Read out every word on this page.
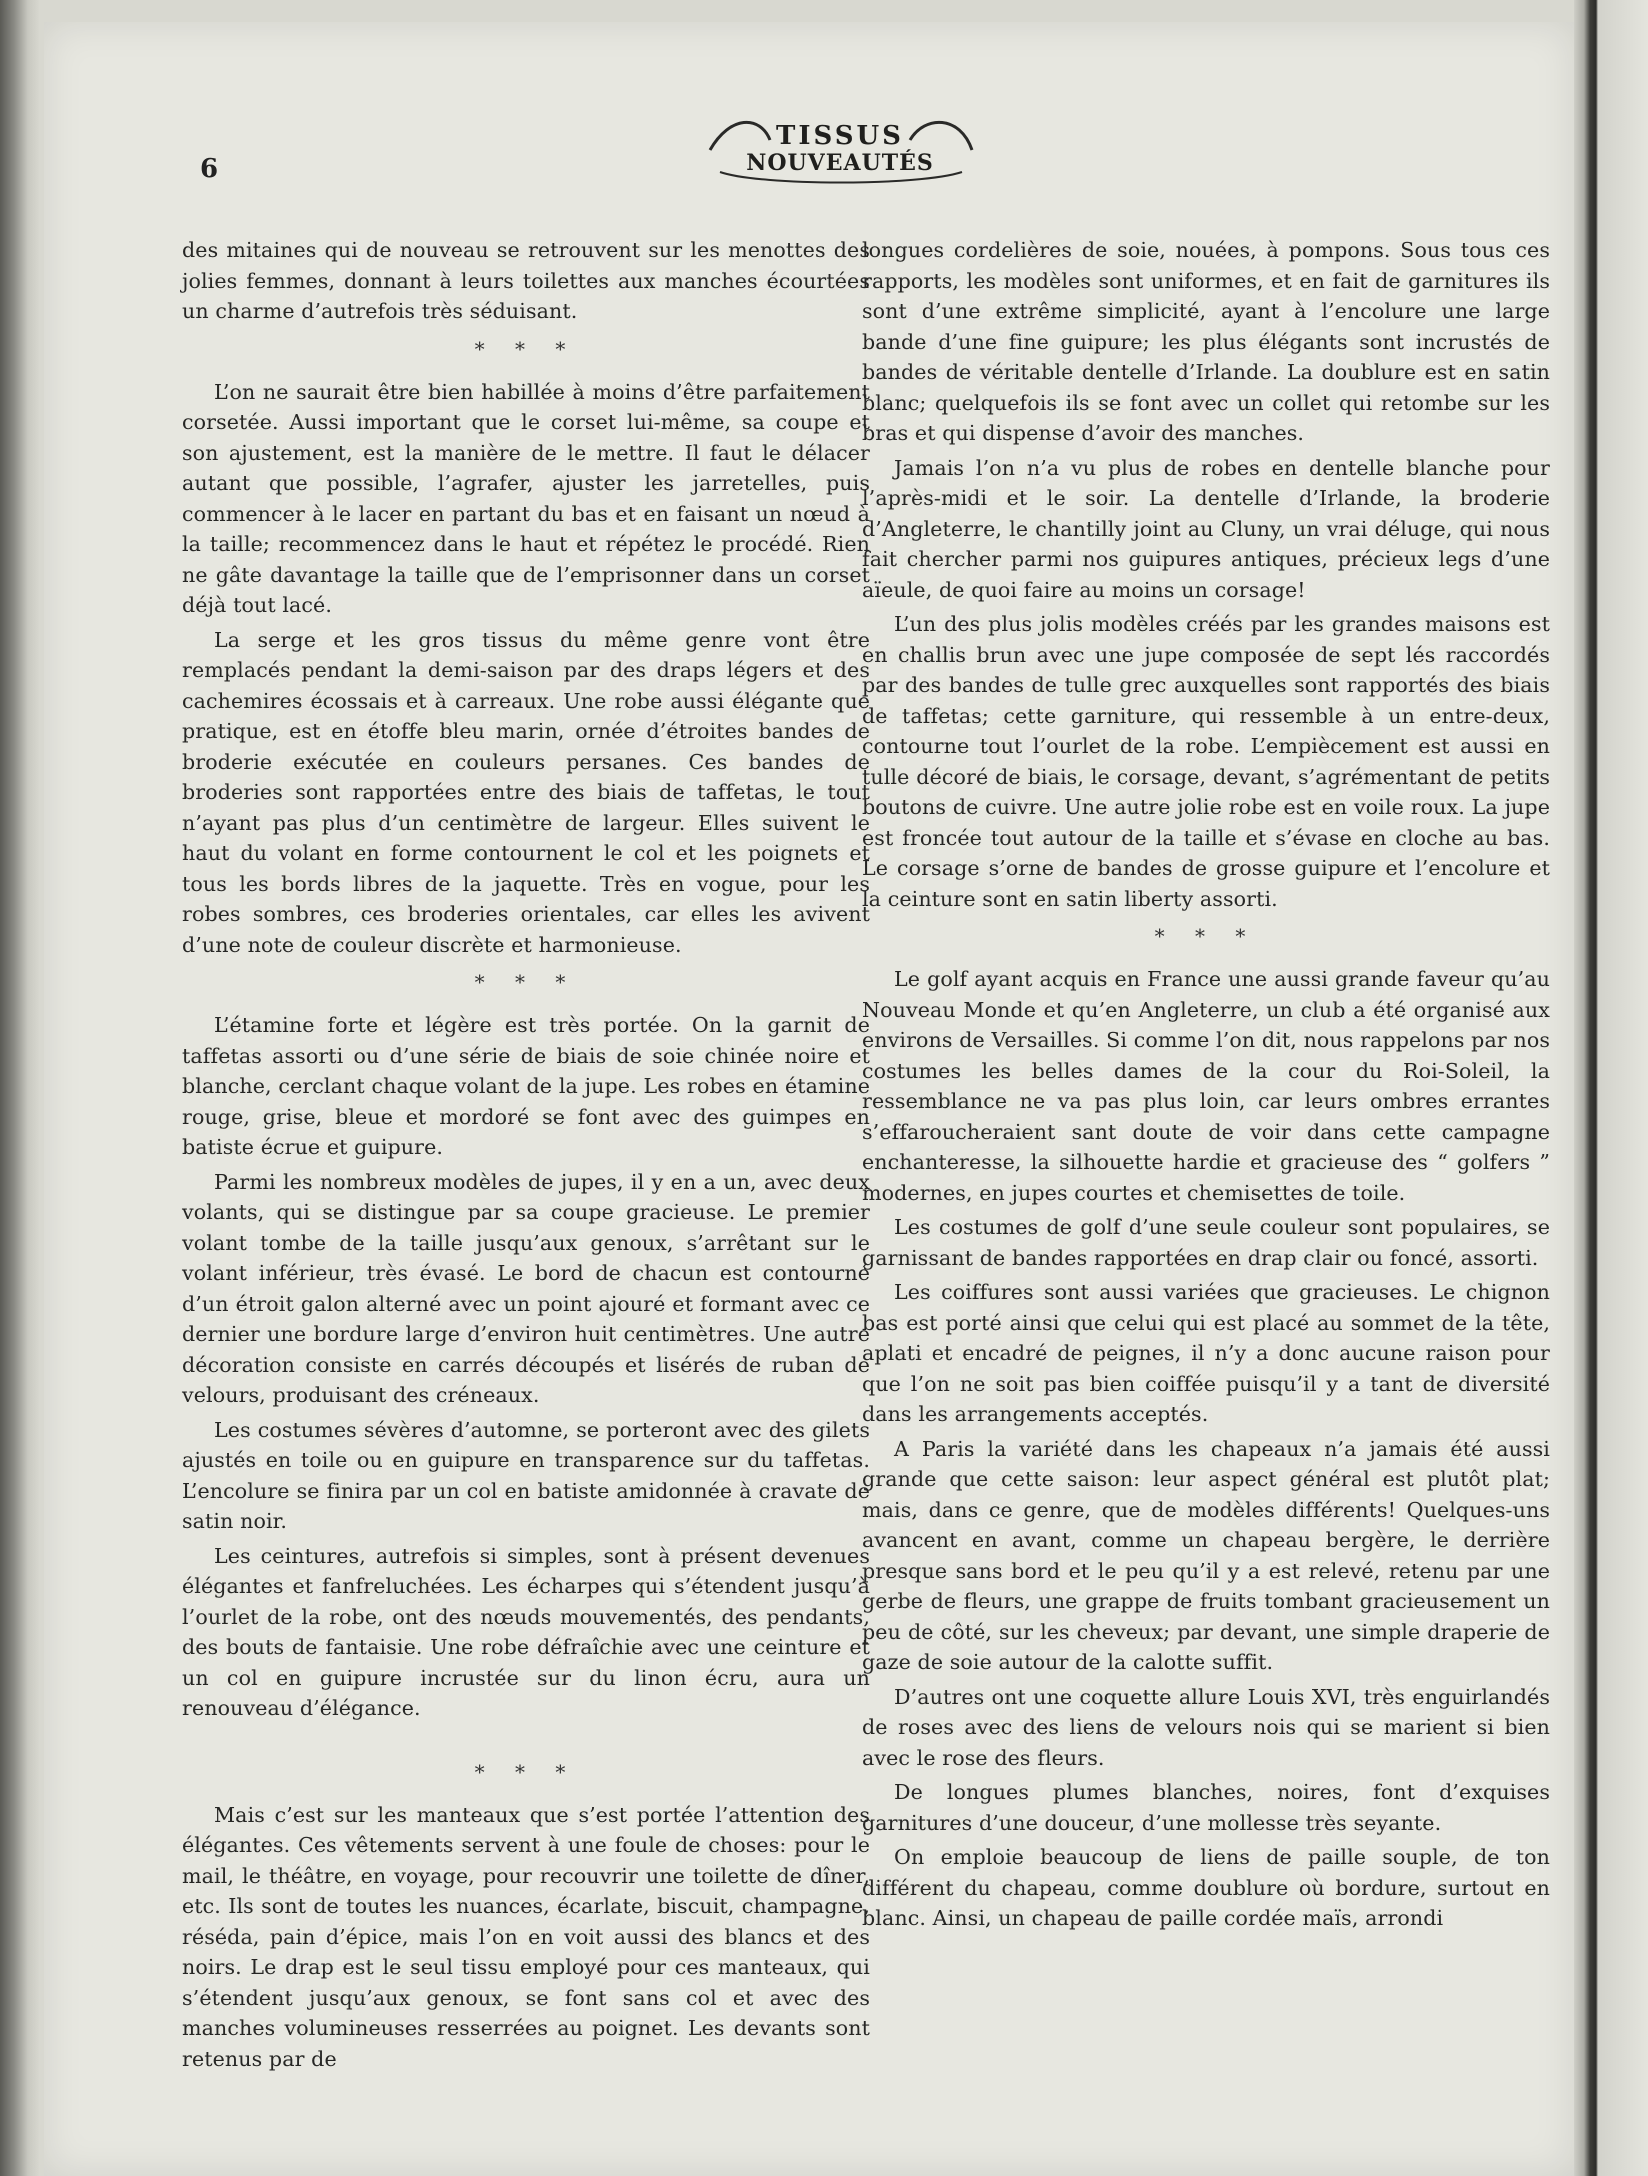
6
TISSUS
NOUVEAUTÉS

des mitaines qui de nouveau se retrouvent sur les menottes des jolies femmes, donnant à leurs toilettes aux manches écourtées un charme d’autrefois très séduisant.

* * *

L’on ne saurait être bien habillée à moins d’être parfaitement corsetée. Aussi important que le corset lui-même, sa coupe et son ajustement, est la manière de le mettre. Il faut le délacer autant que possible, l’agrafer, ajuster les jarretelles, puis commencer à le lacer en partant du bas et en faisant un nœud à la taille; recommencez dans le haut et répétez le procédé. Rien ne gâte davantage la taille que de l’emprisonner dans un corset déjà tout lacé.

La serge et les gros tissus du même genre vont être remplacés pendant la demi-saison par des draps légers et des cachemires écossais et à carreaux. Une robe aussi élégante que pratique, est en étoffe bleu marin, ornée d’étroites bandes de broderie exécutée en couleurs persanes. Ces bandes de broderies sont rapportées entre des biais de taffetas, le tout n’ayant pas plus d’un centimètre de largeur. Elles suivent le haut du volant en forme contournent le col et les poignets et tous les bords libres de la jaquette. Très en vogue, pour les robes sombres, ces broderies orientales, car elles les avivent d’une note de couleur discrète et harmonieuse.

* * *

L’étamine forte et légère est très portée. On la garnit de taffetas assorti ou d’une série de biais de soie chinée noire et blanche, cerclant chaque volant de la jupe. Les robes en étamine rouge, grise, bleue et mordoré se font avec des guimpes en batiste écrue et guipure.

Parmi les nombreux modèles de jupes, il y en a un, avec deux volants, qui se distingue par sa coupe gracieuse. Le premier volant tombe de la taille jusqu’aux genoux, s’arrêtant sur le volant inférieur, très évasé. Le bord de chacun est contourné d’un étroit galon alterné avec un point ajouré et formant avec ce dernier une bordure large d’environ huit centimètres. Une autre décoration consiste en carrés découpés et lisérés de ruban de velours, produisant des créneaux.

Les costumes sévères d’automne, se porteront avec des gilets ajustés en toile ou en guipure en transparence sur du taffetas. L’encolure se finira par un col en batiste amidonnée à cravate de satin noir.

Les ceintures, autrefois si simples, sont à présent devenues élégantes et fanfreluchées. Les écharpes qui s’étendent jusqu’à l’ourlet de la robe, ont des nœuds mouvementés, des pendants, des bouts de fantaisie. Une robe défraîchie avec une ceinture et un col en guipure incrustée sur du linon écru, aura un renouveau d’élégance.

* * *

Mais c’est sur les manteaux que s’est portée l’attention des élégantes. Ces vêtements servent à une foule de choses: pour le mail, le théâtre, en voyage, pour recouvrir une toilette de dîner, etc. Ils sont de toutes les nuances, écarlate, biscuit, champagne, réséda, pain d’épice, mais l’on en voit aussi des blancs et des noirs. Le drap est le seul tissu employé pour ces manteaux, qui s’étendent jusqu’aux genoux, se font sans col et avec des manches volumineuses resserrées au poignet. Les devants sont retenus par de

longues cordelières de soie, nouées, à pompons. Sous tous ces rapports, les modèles sont uniformes, et en fait de garnitures ils sont d’une extrême simplicité, ayant à l’encolure une large bande d’une fine guipure; les plus élégants sont incrustés de bandes de véritable dentelle d’Irlande. La doublure est en satin blanc; quelquefois ils se font avec un collet qui retombe sur les bras et qui dispense d’avoir des manches.

Jamais l’on n’a vu plus de robes en dentelle blanche pour l’après-midi et le soir. La dentelle d’Irlande, la broderie d’Angleterre, le chantilly joint au Cluny, un vrai déluge, qui nous fait chercher parmi nos guipures antiques, précieux legs d’une aïeule, de quoi faire au moins un corsage!

L’un des plus jolis modèles créés par les grandes maisons est en challis brun avec une jupe composée de sept lés raccordés par des bandes de tulle grec auxquelles sont rapportés des biais de taffetas; cette garniture, qui ressemble à un entre-deux, contourne tout l’ourlet de la robe. L’empiècement est aussi en tulle décoré de biais, le corsage, devant, s’agrémentant de petits boutons de cuivre. Une autre jolie robe est en voile roux. La jupe est froncée tout autour de la taille et s’évase en cloche au bas. Le corsage s’orne de bandes de grosse guipure et l’encolure et la ceinture sont en satin liberty assorti.

* * *

Le golf ayant acquis en France une aussi grande faveur qu’au Nouveau Monde et qu’en Angleterre, un club a été organisé aux environs de Versailles. Si comme l’on dit, nous rappelons par nos costumes les belles dames de la cour du Roi-Soleil, la ressemblance ne va pas plus loin, car leurs ombres errantes s’effaroucheraient sant doute de voir dans cette campagne enchanteresse, la silhouette hardie et gracieuse des “ golfers ” modernes, en jupes courtes et chemisettes de toile.

Les costumes de golf d’une seule couleur sont populaires, se garnissant de bandes rapportées en drap clair ou foncé, assorti.

Les coiffures sont aussi variées que gracieuses. Le chignon bas est porté ainsi que celui qui est placé au sommet de la tête, aplati et encadré de peignes, il n’y a donc aucune raison pour que l’on ne soit pas bien coiffée puisqu’il y a tant de diversité dans les arrangements acceptés.

A Paris la variété dans les chapeaux n’a jamais été aussi grande que cette saison: leur aspect général est plutôt plat; mais, dans ce genre, que de modèles différents! Quelques-uns avancent en avant, comme un chapeau bergère, le derrière presque sans bord et le peu qu’il y a est relevé, retenu par une gerbe de fleurs, une grappe de fruits tombant gracieusement un peu de côté, sur les cheveux; par devant, une simple draperie de gaze de soie autour de la calotte suffit.

D’autres ont une coquette allure Louis XVI, très enguirlandés de roses avec des liens de velours nois qui se marient si bien avec le rose des fleurs.

De longues plumes blanches, noires, font d’exquises garnitures d’une douceur, d’une mollesse très seyante.

On emploie beaucoup de liens de paille souple, de ton différent du chapeau, comme doublure où bordure, surtout en blanc. Ainsi, un chapeau de paille cordée maïs, arrondi
